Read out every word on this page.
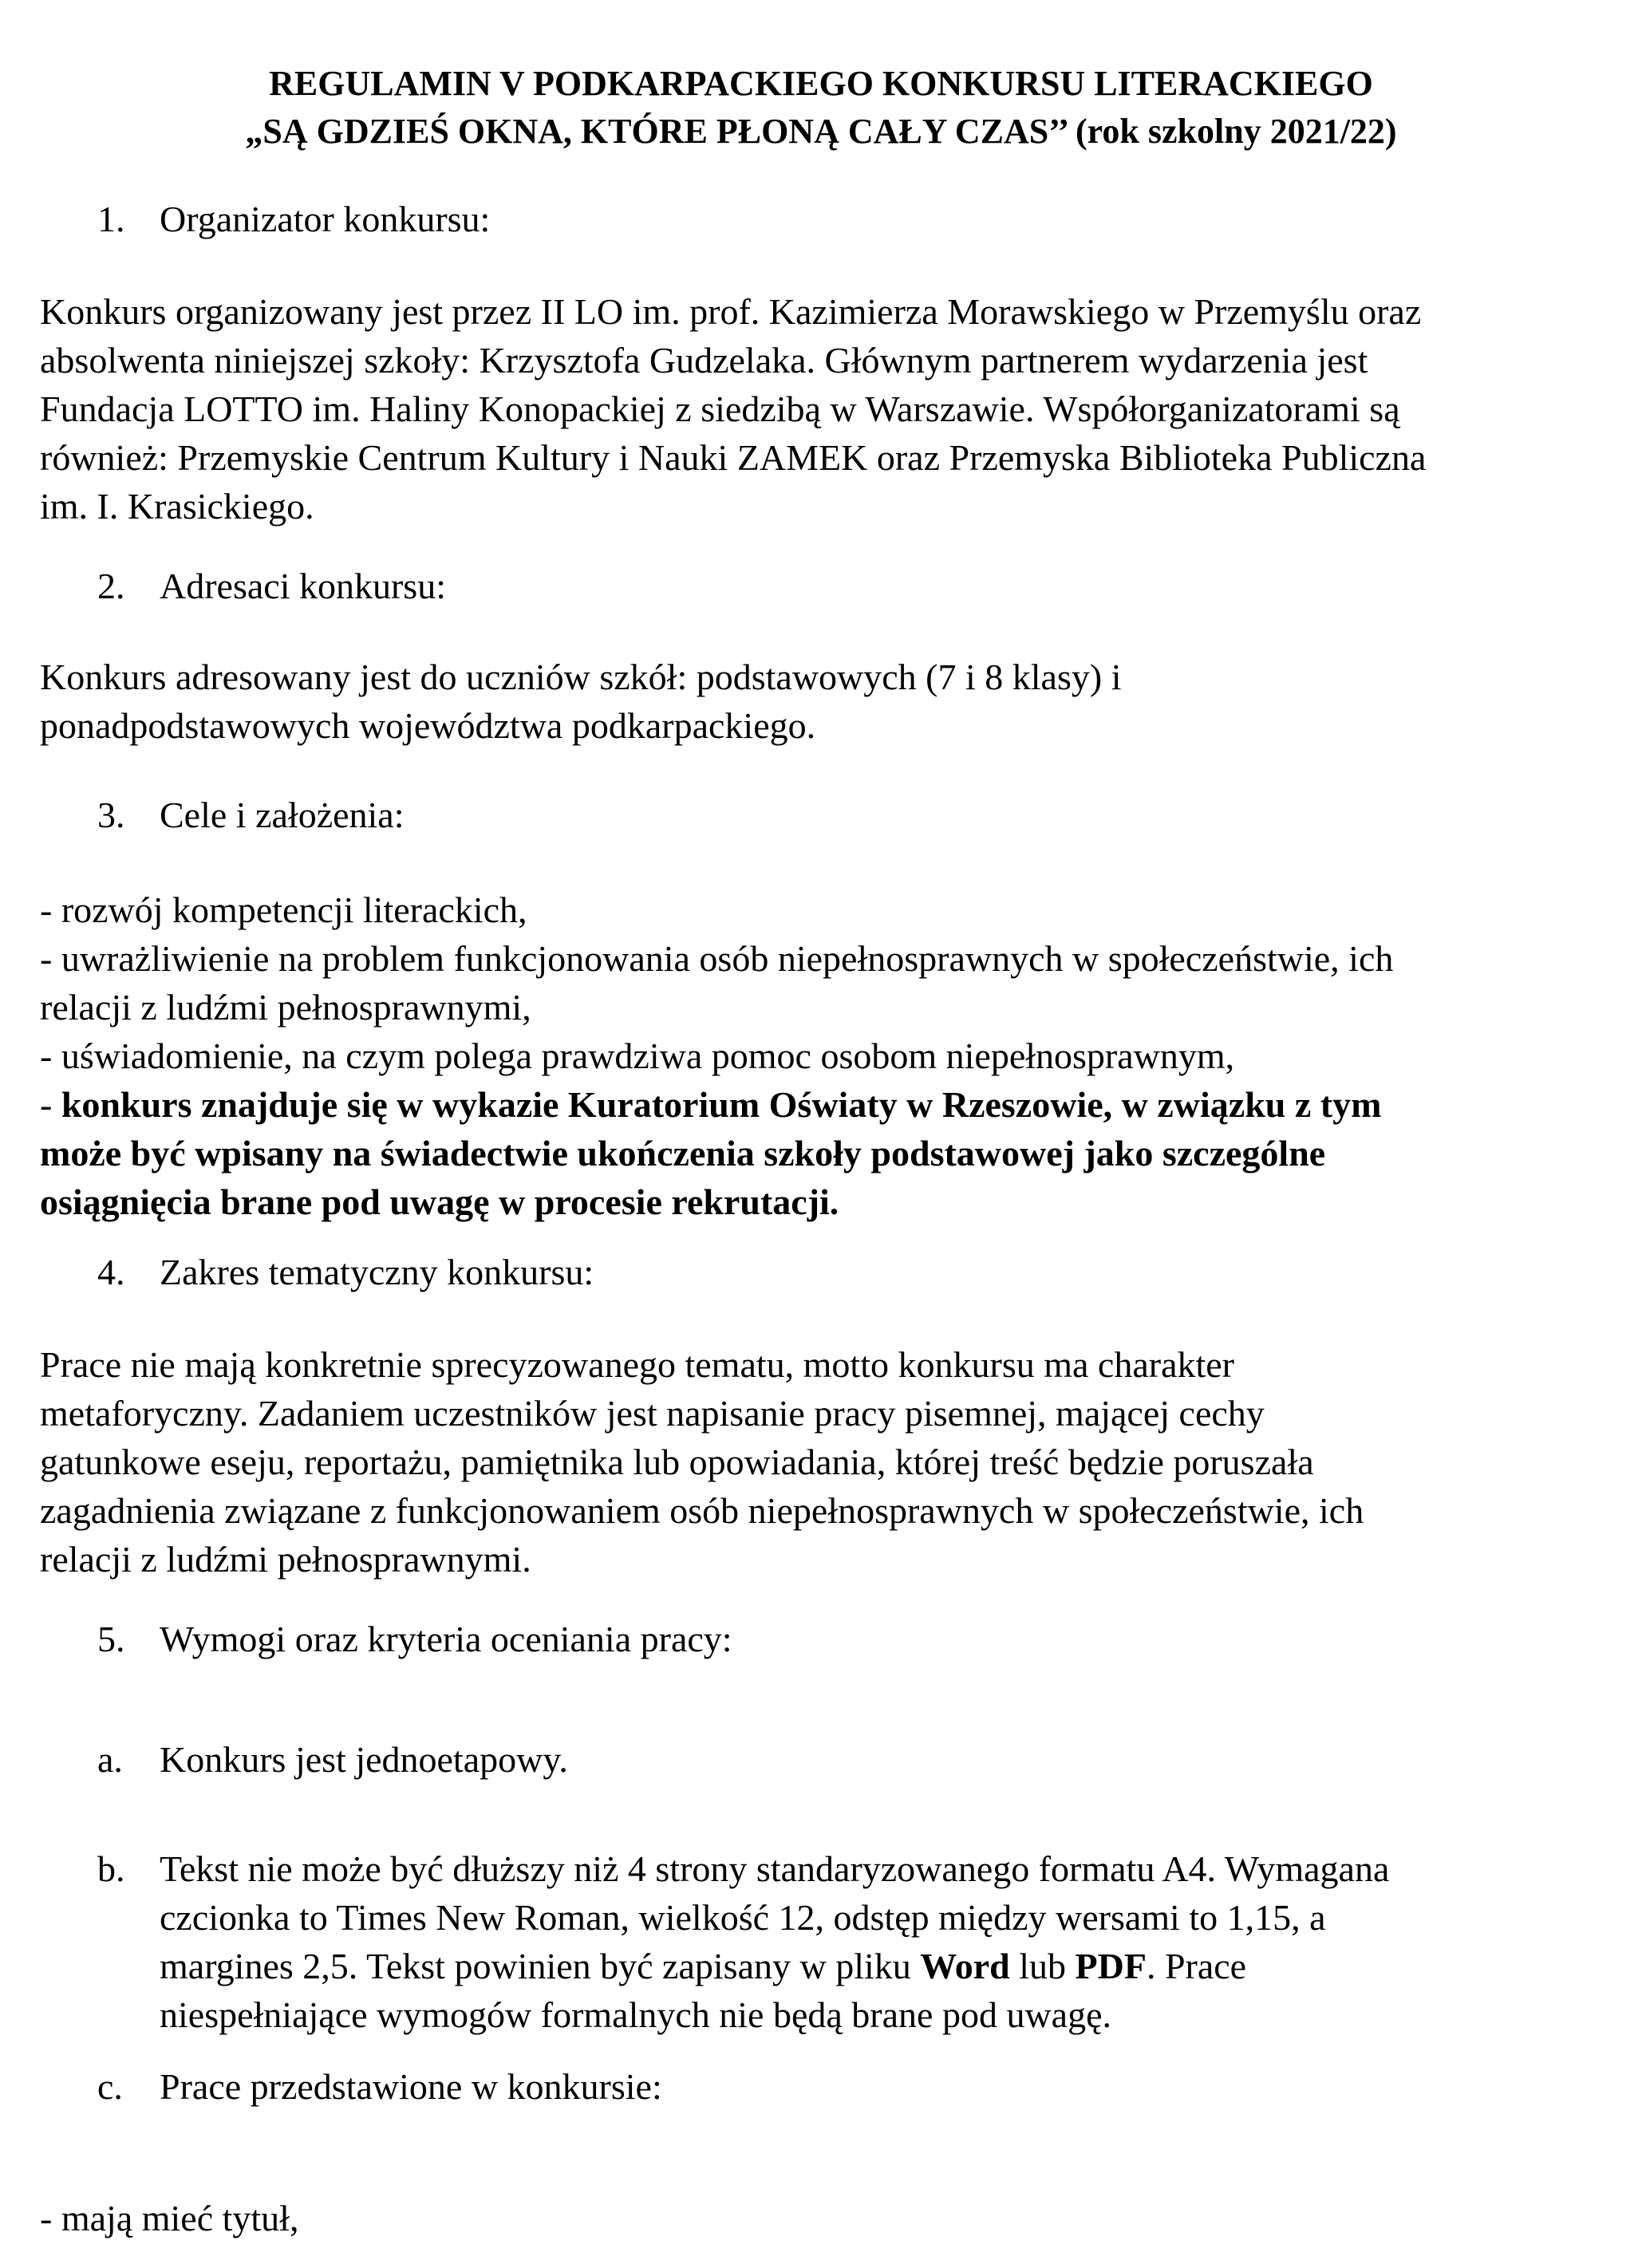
REGULAMIN V PODKARPACKIEGO KONKURSU LITERACKIEGO
„SĄ GDZIEŚ OKNA, KTÓRE PŁONĄ CAŁY CZAS’’ (rok szkolny 2021/22)
1. Organizator konkursu:
Konkurs organizowany jest przez II LO im. prof. Kazimierza Morawskiego w Przemyślu oraz
absolwenta niniejszej szkoły: Krzysztofa Gudzelaka. Głównym partnerem wydarzenia jest
Fundacja LOTTO im. Haliny Konopackiej z siedzibą w Warszawie. Współorganizatorami są
również: Przemyskie Centrum Kultury i Nauki ZAMEK oraz Przemyska Biblioteka Publiczna
im. I. Krasickiego.
2. Adresaci konkursu:
Konkurs adresowany jest do uczniów szkół: podstawowych (7 i 8 klasy) i
ponadpodstawowych województwa podkarpackiego.
3. Cele i założenia:
- rozwój kompetencji literackich,
- uwrażliwienie na problem funkcjonowania osób niepełnosprawnych w społeczeństwie, ich
relacji z ludźmi pełnosprawnymi,
- uświadomienie, na czym polega prawdziwa pomoc osobom niepełnosprawnym,
- konkurs znajduje się w wykazie Kuratorium Oświaty w Rzeszowie, w związku z tym
może być wpisany na świadectwie ukończenia szkoły podstawowej jako szczególne
osiągnięcia brane pod uwagę w procesie rekrutacji.
4. Zakres tematyczny konkursu:
Prace nie mają konkretnie sprecyzowanego tematu, motto konkursu ma charakter
metaforyczny. Zadaniem uczestników jest napisanie pracy pisemnej, mającej cechy
gatunkowe eseju, reportażu, pamiętnika lub opowiadania, której treść będzie poruszała
zagadnienia związane z funkcjonowaniem osób niepełnosprawnych w społeczeństwie, ich
relacji z ludźmi pełnosprawnymi.
5. Wymogi oraz kryteria oceniania pracy:
a. Konkurs jest jednoetapowy.
b. Tekst nie może być dłuższy niż 4 strony standaryzowanego formatu A4. Wymagana
czcionka to Times New Roman, wielkość 12, odstęp między wersami to 1,15, a
margines 2,5. Tekst powinien być zapisany w pliku Word lub PDF. Prace
niespełniające wymogów formalnych nie będą brane pod uwagę.
c. Prace przedstawione w konkursie:
- mają mieć tytuł,
